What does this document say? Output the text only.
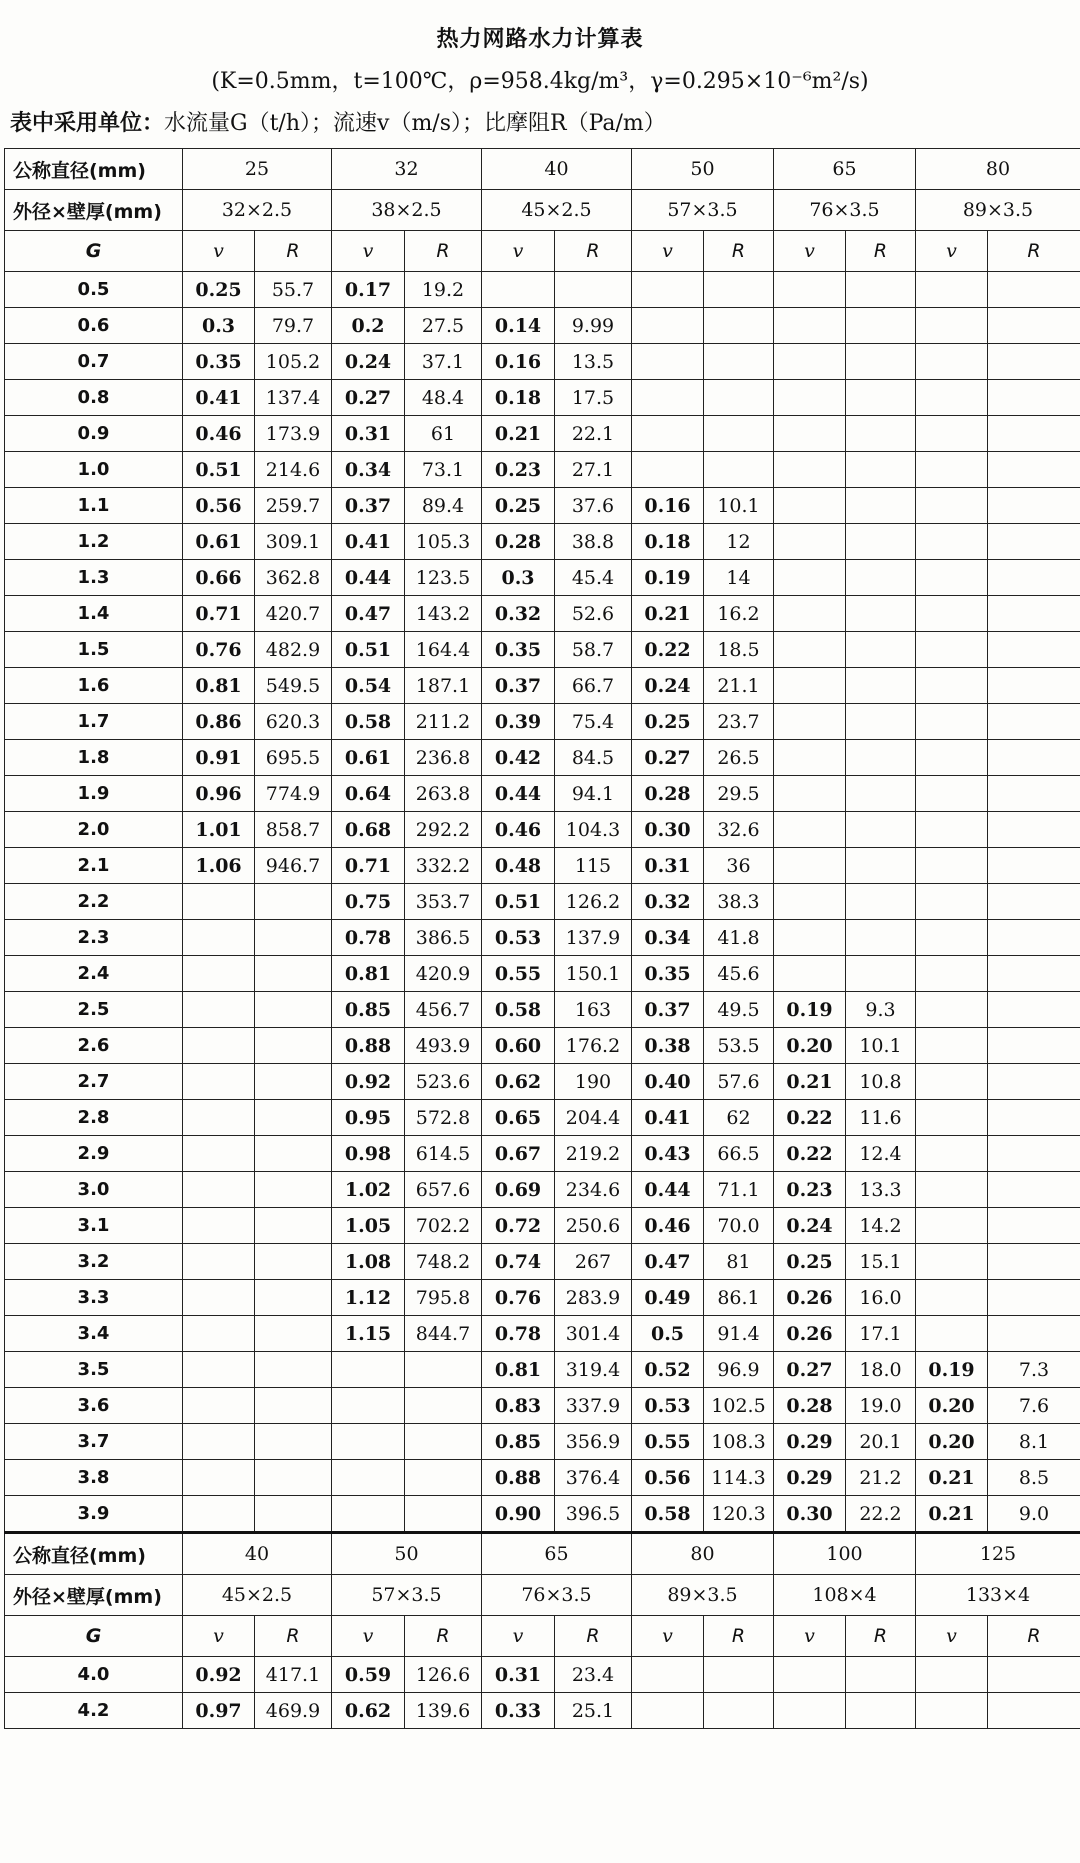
热力网路水力计算表
(K=0.5mm，t=100℃，ρ=958.4kg/m³，γ=0.295×10⁻⁶m²/s)
表中采用单位：水流量G（t/h）；流速v（m/s）；比摩阻R（Pa/m）
公称直径(mm)	25		32		40		50		65		80	
外径×壁厚(mm)	32×2.5		38×2.5		45×2.5		57×3.5		76×3.5		89×3.5	
G	v	R	v	R	v	R	v	R	v	R	v	R
0.5	0.25	55.7	0.17	19.2								
0.6	0.3	79.7	0.2	27.5	0.14	9.99						
0.7	0.35	105.2	0.24	37.1	0.16	13.5						
0.8	0.41	137.4	0.27	48.4	0.18	17.5						
0.9	0.46	173.9	0.31	61	0.21	22.1						
1.0	0.51	214.6	0.34	73.1	0.23	27.1						
1.1	0.56	259.7	0.37	89.4	0.25	37.6	0.16	10.1				
1.2	0.61	309.1	0.41	105.3	0.28	38.8	0.18	12				
1.3	0.66	362.8	0.44	123.5	0.3	45.4	0.19	14				
1.4	0.71	420.7	0.47	143.2	0.32	52.6	0.21	16.2				
1.5	0.76	482.9	0.51	164.4	0.35	58.7	0.22	18.5				
1.6	0.81	549.5	0.54	187.1	0.37	66.7	0.24	21.1				
1.7	0.86	620.3	0.58	211.2	0.39	75.4	0.25	23.7				
1.8	0.91	695.5	0.61	236.8	0.42	84.5	0.27	26.5				
1.9	0.96	774.9	0.64	263.8	0.44	94.1	0.28	29.5				
2.0	1.01	858.7	0.68	292.2	0.46	104.3	0.30	32.6				
2.1	1.06	946.7	0.71	332.2	0.48	115	0.31	36				
2.2			0.75	353.7	0.51	126.2	0.32	38.3				
2.3			0.78	386.5	0.53	137.9	0.34	41.8				
2.4			0.81	420.9	0.55	150.1	0.35	45.6				
2.5			0.85	456.7	0.58	163	0.37	49.5	0.19	9.3		
2.6			0.88	493.9	0.60	176.2	0.38	53.5	0.20	10.1		
2.7			0.92	523.6	0.62	190	0.40	57.6	0.21	10.8		
2.8			0.95	572.8	0.65	204.4	0.41	62	0.22	11.6		
2.9			0.98	614.5	0.67	219.2	0.43	66.5	0.22	12.4		
3.0			1.02	657.6	0.69	234.6	0.44	71.1	0.23	13.3		
3.1			1.05	702.2	0.72	250.6	0.46	70.0	0.24	14.2		
3.2			1.08	748.2	0.74	267	0.47	81	0.25	15.1		
3.3			1.12	795.8	0.76	283.9	0.49	86.1	0.26	16.0		
3.4			1.15	844.7	0.78	301.4	0.5	91.4	0.26	17.1		
3.5					0.81	319.4	0.52	96.9	0.27	18.0	0.19	7.3
3.6					0.83	337.9	0.53	102.5	0.28	19.0	0.20	7.6
3.7					0.85	356.9	0.55	108.3	0.29	20.1	0.20	8.1
3.8					0.88	376.4	0.56	114.3	0.29	21.2	0.21	8.5
3.9					0.90	396.5	0.58	120.3	0.30	22.2	0.21	9.0
公称直径(mm)	40		50		65		80		100		125	
外径×壁厚(mm)	45×2.5		57×3.5		76×3.5		89×3.5		108×4		133×4	
G	v	R	v	R	v	R	v	R	v	R	v	R
4.0	0.92	417.1	0.59	126.6	0.31	23.4						
4.2	0.97	469.9	0.62	139.6	0.33	25.1						
